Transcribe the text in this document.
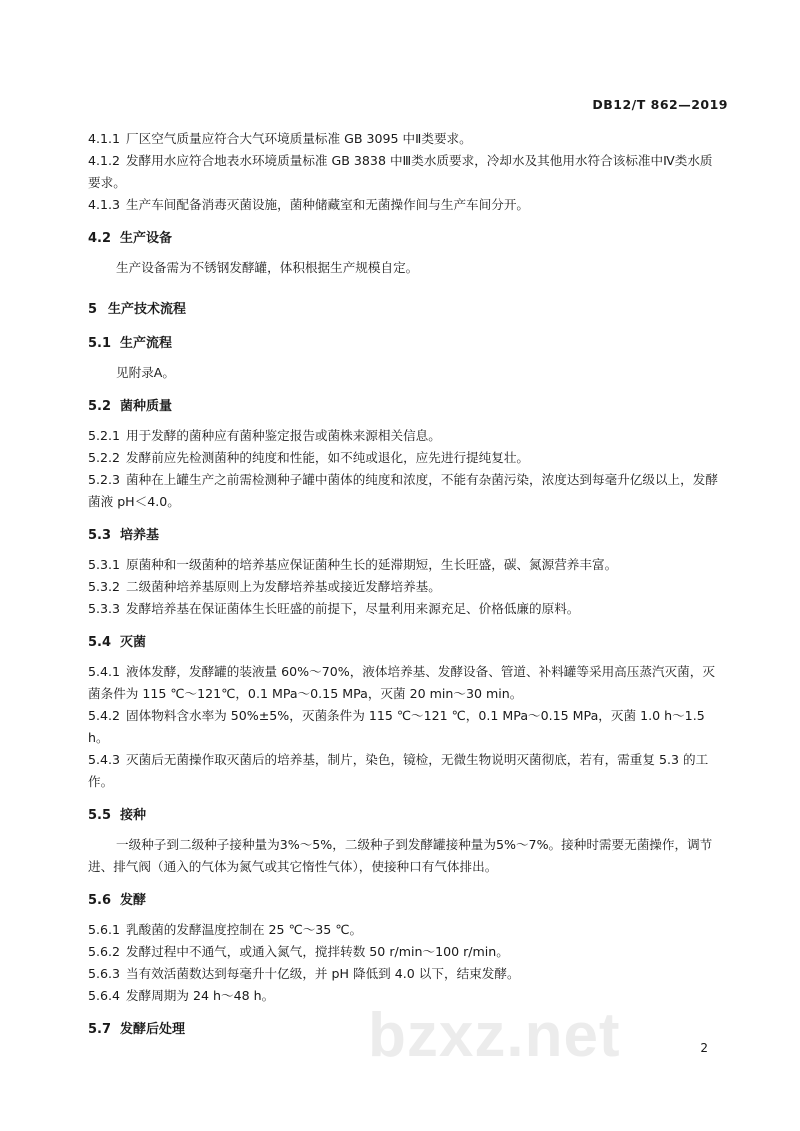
DB12/T 862—2019
4.1.1 厂区空气质量应符合大气环境质量标准 GB 3095 中Ⅱ类要求。
4.1.2 发酵用水应符合地表水环境质量标准 GB 3838 中Ⅲ类水质要求，冷却水及其他用水符合该标准中Ⅳ类水质要求。
4.1.3 生产车间配备消毒灭菌设施，菌种储藏室和无菌操作间与生产车间分开。
4.2 生产设备
生产设备需为不锈钢发酵罐，体积根据生产规模自定。
5 生产技术流程
5.1 生产流程
见附录A。
5.2 菌种质量
5.2.1 用于发酵的菌种应有菌种鉴定报告或菌株来源相关信息。
5.2.2 发酵前应先检测菌种的纯度和性能，如不纯或退化，应先进行提纯复壮。
5.2.3 菌种在上罐生产之前需检测种子罐中菌体的纯度和浓度，不能有杂菌污染，浓度达到每毫升亿级以上，发酵菌液 pH＜4.0。
5.3 培养基
5.3.1 原菌种和一级菌种的培养基应保证菌种生长的延滞期短，生长旺盛，碳、氮源营养丰富。
5.3.2 二级菌种培养基原则上为发酵培养基或接近发酵培养基。
5.3.3 发酵培养基在保证菌体生长旺盛的前提下，尽量利用来源充足、价格低廉的原料。
5.4 灭菌
5.4.1 液体发酵，发酵罐的装液量 60%～70%，液体培养基、发酵设备、管道、补料罐等采用高压蒸汽灭菌，灭菌条件为 115 ℃～121℃，0.1 MPa～0.15 MPa，灭菌 20 min～30 min。
5.4.2 固体物料含水率为 50%±5%，灭菌条件为 115 ℃～121 ℃，0.1 MPa～0.15 MPa，灭菌 1.0 h～1.5 h。
5.4.3 灭菌后无菌操作取灭菌后的培养基，制片，染色，镜检，无微生物说明灭菌彻底，若有，需重复 5.3 的工作。
5.5 接种
一级种子到二级种子接种量为3%～5%，二级种子到发酵罐接种量为5%～7%。接种时需要无菌操作，调节进、排气阀（通入的气体为氮气或其它惰性气体），使接种口有气体排出。
5.6 发酵
5.6.1 乳酸菌的发酵温度控制在 25 ℃～35 ℃。
5.6.2 发酵过程中不通气，或通入氮气，搅拌转数 50 r/min～100 r/min。
5.6.3 当有效活菌数达到每毫升十亿级，并 pH 降低到 4.0 以下，结束发酵。
5.6.4 发酵周期为 24 h～48 h。
5.7 发酵后处理	bzxz.net	2
